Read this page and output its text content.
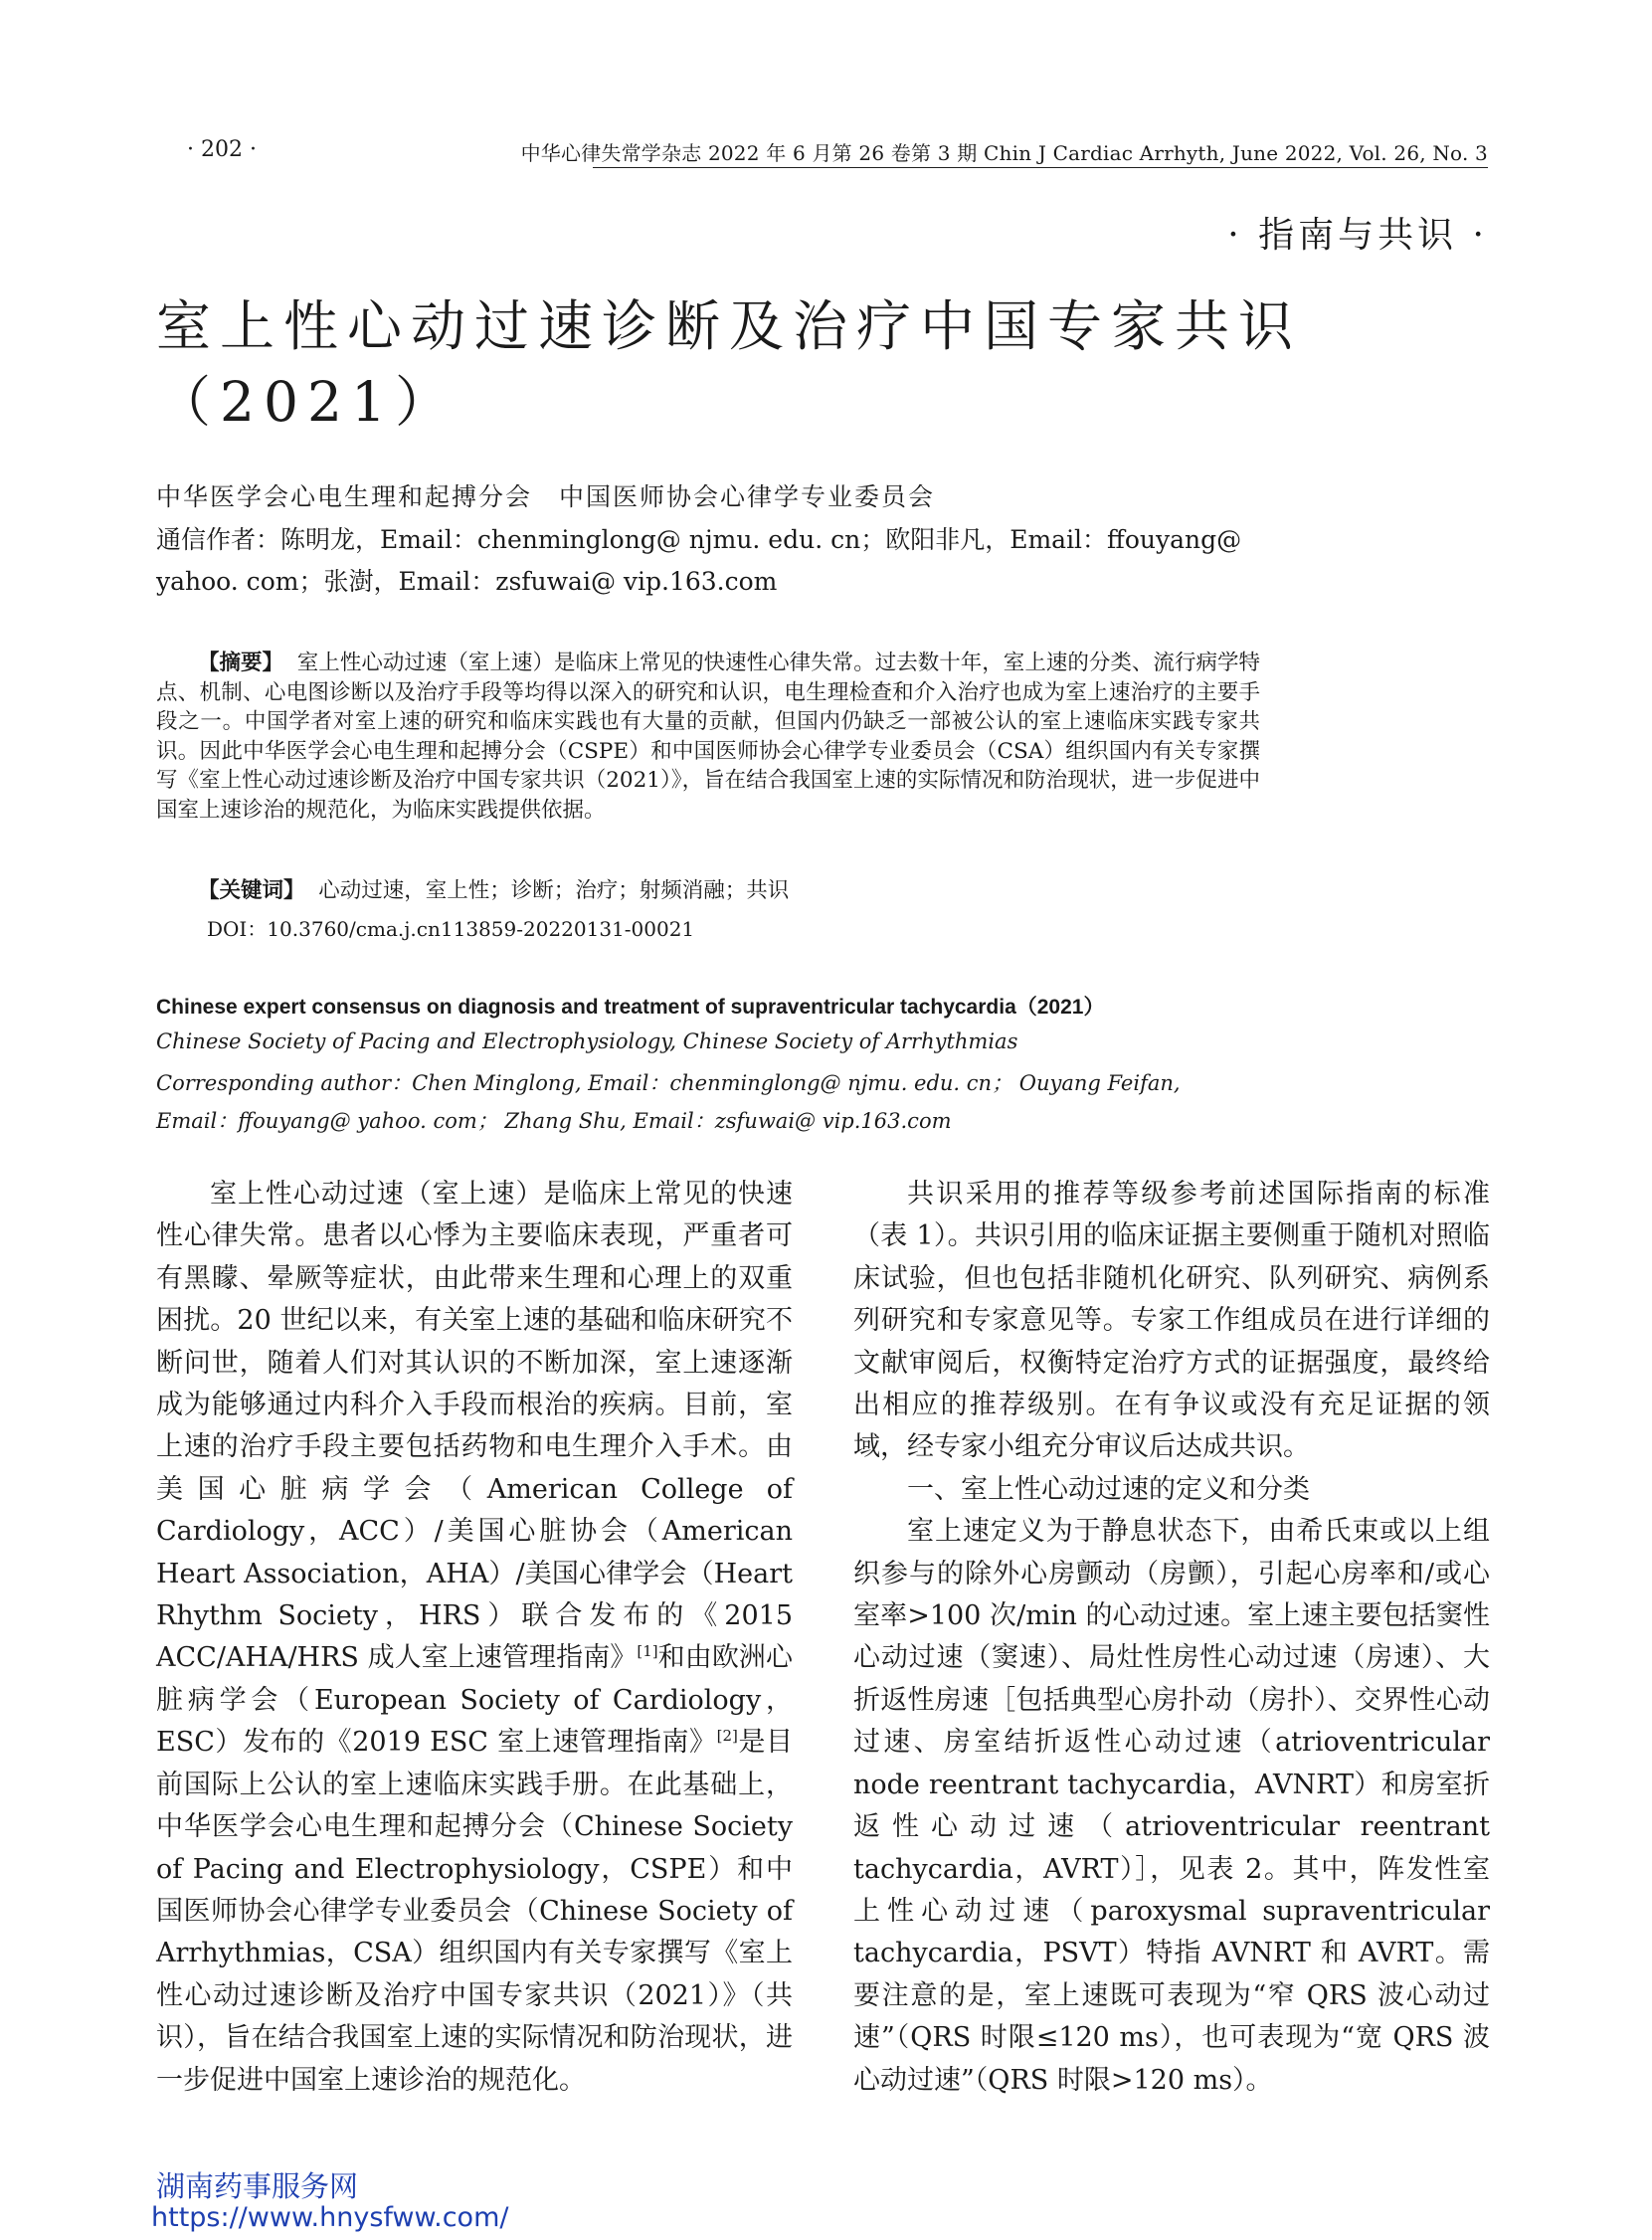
· 202 ·	中华心律失常学杂志 2022 年 6 月第 26 卷第 3 期 Chin J Cardiac Arrhyth, June 2022, Vol. 26, No. 3
· 指南与共识 ·
室上性心动过速诊断及治疗中国专家共识（2021）
中华医学会心电生理和起搏分会　中国医师协会心律学专业委员会
通信作者：陈明龙，Email：chenminglong@ njmu. edu. cn；欧阳非凡，Email：ffouyang@ yahoo. com；张澍，Email：zsfuwai@ vip.163.com

【摘要】 室上性心动过速（室上速）是临床上常见的快速性心律失常。过去数十年，室上速的分类、流行病学特点、机制、心电图诊断以及治疗手段等均得以深入的研究和认识，电生理检查和介入治疗也成为室上速治疗的主要手段之一。中国学者对室上速的研究和临床实践也有大量的贡献，但国内仍缺乏一部被公认的室上速临床实践专家共识。因此中华医学会心电生理和起搏分会（CSPE）和中国医师协会心律学专业委员会（CSA）组织国内有关专家撰写《室上性心动过速诊断及治疗中国专家共识（2021）》，旨在结合我国室上速的实际情况和防治现状，进一步促进中国室上速诊治的规范化，为临床实践提供依据。

【关键词】 心动过速，室上性；诊断；治疗；射频消融；共识
DOI：10.3760/cma.j.cn113859-20220131-00021
Chinese expert consensus on diagnosis and treatment of supraventricular tachycardia（2021）
Chinese Society of Pacing and Electrophysiology, Chinese Society of Arrhythmias
Corresponding author：Chen Minglong, Email：chenminglong@ njmu. edu. cn； Ouyang Feifan, Email：ffouyang@ yahoo. com； Zhang Shu, Email：zsfuwai@ vip.163.com

室上性心动过速（室上速）是临床上常见的快速性心律失常。患者以心悸为主要临床表现，严重者可有黑矇、晕厥等症状，由此带来生理和心理上的双重困扰。20 世纪以来，有关室上速的基础和临床研究不断问世，随着人们对其认识的不断加深，室上速逐渐成为能够通过内科介入手段而根治的疾病。目前，室上速的治疗手段主要包括药物和电生理介入手术。由美国心脏病学会（American College of Cardiology，ACC）/美国心脏协会（American Heart Association，AHA）/美国心律学会（Heart Rhythm Society，HRS）联合发布的《2015 ACC/AHA/HRS 成人室上速管理指南》[1]和由欧洲心脏病学会（European Society of Cardiology，ESC）发布的《2019 ESC 室上速管理指南》[2]是目前国际上公认的室上速临床实践手册。在此基础上，中华医学会心电生理和起搏分会（Chinese Society of Pacing and Electrophysiology，CSPE）和中国医师协会心律学专业委员会（Chinese Society of Arrhythmias，CSA）组织国内有关专家撰写《室上性心动过速诊断及治疗中国专家共识（2021）》（共识），旨在结合我国室上速的实际情况和防治现状，进一步促进中国室上速诊治的规范化。

共识采用的推荐等级参考前述国际指南的标准（表 1）。共识引用的临床证据主要侧重于随机对照临床试验，但也包括非随机化研究、队列研究、病例系列研究和专家意见等。专家工作组成员在进行详细的文献审阅后，权衡特定治疗方式的证据强度，最终给出相应的推荐级别。在有争议或没有充足证据的领域，经专家小组充分审议后达成共识。

一、室上性心动过速的定义和分类

室上速定义为于静息状态下，由希氏束或以上组织参与的除外心房颤动（房颤），引起心房率和/或心室率>100 次/min 的心动过速。室上速主要包括窦性心动过速（窦速）、局灶性房性心动过速（房速）、大折返性房速［包括典型心房扑动（房扑）、交界性心动过速、房室结折返性心动过速（atrioventricular node reentrant tachycardia，AVNRT）和房室折返性心动过速（atrioventricular reentrant tachycardia，AVRT）］，见表 2。其中，阵发性室上性心动过速（paroxysmal supraventricular tachycardia，PSVT）特指 AVNRT 和 AVRT。需要注意的是，室上速既可表现为“窄 QRS 波心动过速”（QRS 时限≤120 ms），也可表现为“宽 QRS 波心动过速”（QRS 时限>120 ms）。

湖南药事服务网
https://www.hnysfww.com/
